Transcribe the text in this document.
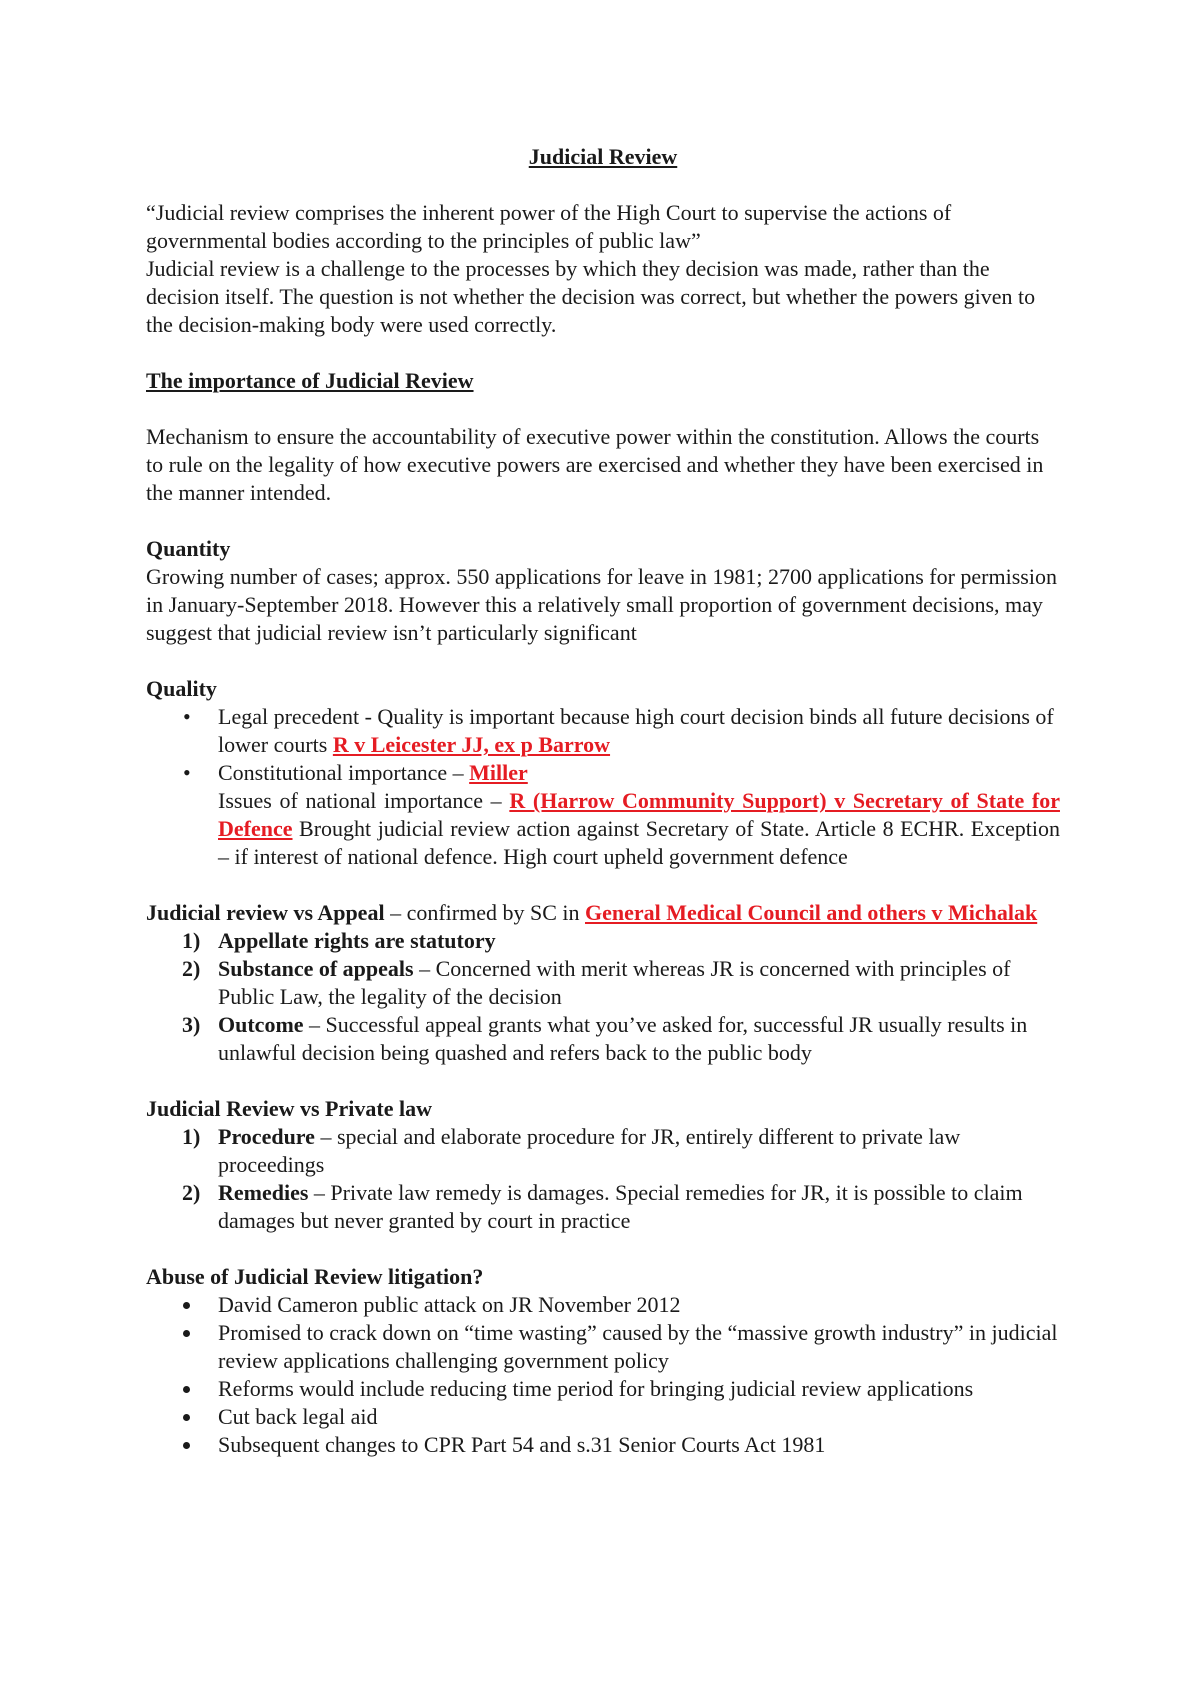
Judicial Review

“Judicial review comprises the inherent power of the High Court to supervise the actions of governmental bodies according to the principles of public law”

Judicial review is a challenge to the processes by which they decision was made, rather than the decision itself. The question is not whether the decision was correct, but whether the powers given to the decision-making body were used correctly.

The importance of Judicial Review

Mechanism to ensure the accountability of executive power within the constitution. Allows the courts to rule on the legality of how executive powers are exercised and whether they have been exercised in the manner intended.

Quantity

Growing number of cases; approx. 550 applications for leave in 1981; 2700 applications for permission in January-September 2018. However this a relatively small proportion of government decisions, may suggest that judicial review isn’t particularly significant

Quality

• Legal precedent - Quality is important because high court decision binds all future decisions of lower courts R v Leicester JJ, ex p Barrow
• Constitutional importance – Miller

Issues of national importance – R (Harrow Community Support) v Secretary of State for Defence Brought judicial review action against Secretary of State. Article 8 ECHR. Exception – if interest of national defence. High court upheld government defence

Judicial review vs Appeal – confirmed by SC in General Medical Council and others v Michalak

1) Appellate rights are statutory
2) Substance of appeals – Concerned with merit whereas JR is concerned with principles of Public Law, the legality of the decision
3) Outcome – Successful appeal grants what you’ve asked for, successful JR usually results in unlawful decision being quashed and refers back to the public body

Judicial Review vs Private law

1) Procedure – special and elaborate procedure for JR, entirely different to private law proceedings
2) Remedies – Private law remedy is damages. Special remedies for JR, it is possible to claim damages but never granted by court in practice

Abuse of Judicial Review litigation?

David Cameron public attack on JR November 2012
Promised to crack down on “time wasting” caused by the “massive growth industry” in judicial review applications challenging government policy
Reforms would include reducing time period for bringing judicial review applications
Cut back legal aid
Subsequent changes to CPR Part 54 and s.31 Senior Courts Act 1981
